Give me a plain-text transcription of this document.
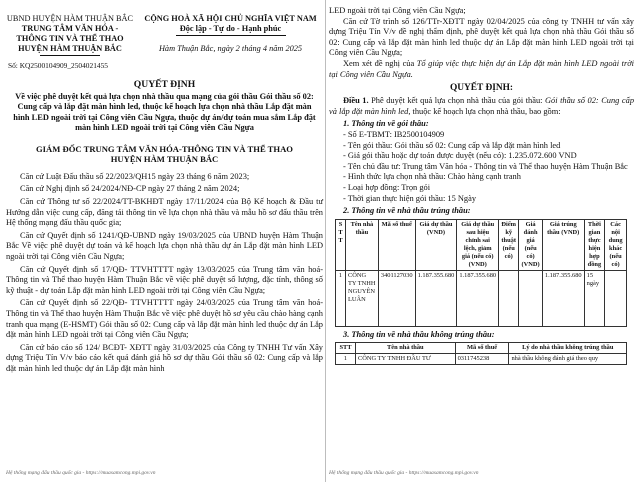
UBND HUYỆN HÀM THUẬN BẮC
TRUNG TÂM VĂN HÓA -
THÔNG TIN VÀ THỂ THAO
HUYỆN HÀM THUẬN BẮC
CỘNG HOÀ XÃ HỘI CHỦ NGHĨA VIỆT NAM
Độc lập - Tự do - Hạnh phúc
Hàm Thuận Bắc, ngày 2 tháng 4 năm 2025
Số: KQ2500104909_2504021455
QUYẾT ĐỊNH
Về việc phê duyệt kết quả lựa chọn nhà thầu qua mạng của gói thầu Gói thầu số 02: Cung cấp và lắp đặt màn hình led, thuộc kế hoạch lựa chọn nhà thầu Lắp đặt màn hình LED ngoài trời tại Công viên Cầu Ngựa, thuộc dự án/dự toán mua sắm Lắp đặt màn hình LED ngoài trời tại Công viên Cầu Ngựa
GIÁM ĐỐC TRUNG TÂM VĂN HÓA-THÔNG TIN VÀ THỂ THAO HUYỆN HÀM THUẬN BẮC

Căn cứ Luật Đấu thầu số 22/2023/QH15 ngày 23 tháng 6 năm 2023;

Căn cứ Nghị định số 24/2024/NĐ-CP ngày 27 tháng 2 năm 2024;

Căn cứ Thông tư số 22/2024/TT-BKHĐT ngày 17/11/2024 của Bộ Kế hoạch & Đầu tư Hướng dẫn việc cung cấp, đăng tải thông tin về lựa chọn nhà thầu và mẫu hồ sơ đấu thầu trên Hệ thống mạng đấu thầu quốc gia;

Căn cứ Quyết định số 1241/QĐ-UBND ngày 19/03/2025 của UBND huyện Hàm Thuận Bắc Về việc phê duyệt dự toán và kế hoạch lựa chọn nhà thầu dự án Lắp đặt màn hình LED ngoài trời tại Công viên Cầu Ngựa;

Căn cứ Quyết định số 17/QĐ- TTVHTTTT ngày 13/03/2025 của Trung tâm văn hoá- Thông tin và Thể thao huyện Hàm Thuận Bắc về việc phê duyệt số lượng, đặc tính, thông số kỹ thuật - dự toán Lắp đặt màn hình LED ngoài trời tại Công viên Cầu Ngựa;

Căn cứ Quyết định số 22/QĐ- TTVHTTTT ngày 24/03/2025 của Trung tâm văn hoá- Thông tin và Thể thao huyện Hàm Thuận Bắc về việc phê duyệt hồ sơ yêu cầu chào hàng cạnh tranh qua mạng (E-HSMT) Gói thầu số 02: Cung cấp và lắp đặt màn hình led thuộc dự án Lắp đặt màn hình LED ngoài trời tại Công viên Cầu Ngựa;

Căn cứ báo cáo số 124/ BCĐT- XĐTT ngày 31/03/2025 của Công ty TNHH Tư vấn Xây dựng Triệu Tín V/v báo cáo kết quả đánh giá hồ sơ dự thầu Gói thầu số 02: Cung cấp và lắp đặt màn hình led thuộc dự án Lắp đặt màn hình

Hệ thống mạng đấu thầu quốc gia - https://muasamcong.mpi.gov.vn

LED ngoài trời tại Công viên Cầu Ngựa;

Căn cứ Tờ trình số 126/TTr-XĐTT ngày 02/04/2025 của công ty TNHH tư vấn xây dựng Triệu Tín V/v đề nghị thẩm định, phê duyệt kết quả lựa chọn nhà thầu Gói thầu số 02: Cung cấp và lắp đặt màn hình led thuộc dự án Lắp đặt màn hình LED ngoài trời tại Công viên Cầu Ngựa;

Xem xét đề nghị của Tổ giúp việc thực hiện dự án Lắp đặt màn hình LED ngoài trời tại Công viên Cầu Ngựa.

QUYẾT ĐỊNH:

Điều 1. Phê duyệt kết quả lựa chọn nhà thầu của gói thầu: Gói thầu số 02: Cung cấp và lắp đặt màn hình led, thuộc kế hoạch lựa chọn nhà thầu, bao gồm:

1. Thông tin về gói thầu:

- Số E-TBMT: IB2500104909

- Tên gói thầu: Gói thầu số 02: Cung cấp và lắp đặt màn hình led

- Giá gói thầu hoặc dự toán được duyệt (nếu có): 1.235.072.600 VND

- Tên chủ đầu tư: Trung tâm Văn hóa - Thông tin và Thể thao huyện Hàm Thuận Bắc

- Hình thức lựa chọn nhà thầu: Chào hàng cạnh tranh

- Loại hợp đồng: Trọn gói

- Thời gian thực hiện gói thầu: 15 Ngày

2. Thông tin về nhà thầu trúng thầu:

S T T	Tên nhà thầu	Mã số thuế	Giá dự thầu (VND)	Giá dự thầu sau hiệu chỉnh sai lệch, giảm giá (nếu có) (VND)	Điểm kỹ thuật (nếu có)	Giá đánh giá (nếu có) (VND)	Giá trúng thầu (VND)	Thời gian thực hiện hợp đồng	Các nội dung khác (nếu có)
1	CÔNG TY TNHH NGUYÊN LUÂN	3401127030	1.187.355.680	1.187.355.680			1.187.355.680	15 ngày	

3. Thông tin về nhà thầu không trúng thầu:

STT	Tên nhà thầu	Mã số thuế	Lý do nhà thầu không trúng thầu
1	CÔNG TY TNHH ĐẦU TƯ	0311745238	nhà thầu không đánh giá theo quy
Hệ thống mạng đấu thầu quốc gia - https://muasamcong.mpi.gov.vn
